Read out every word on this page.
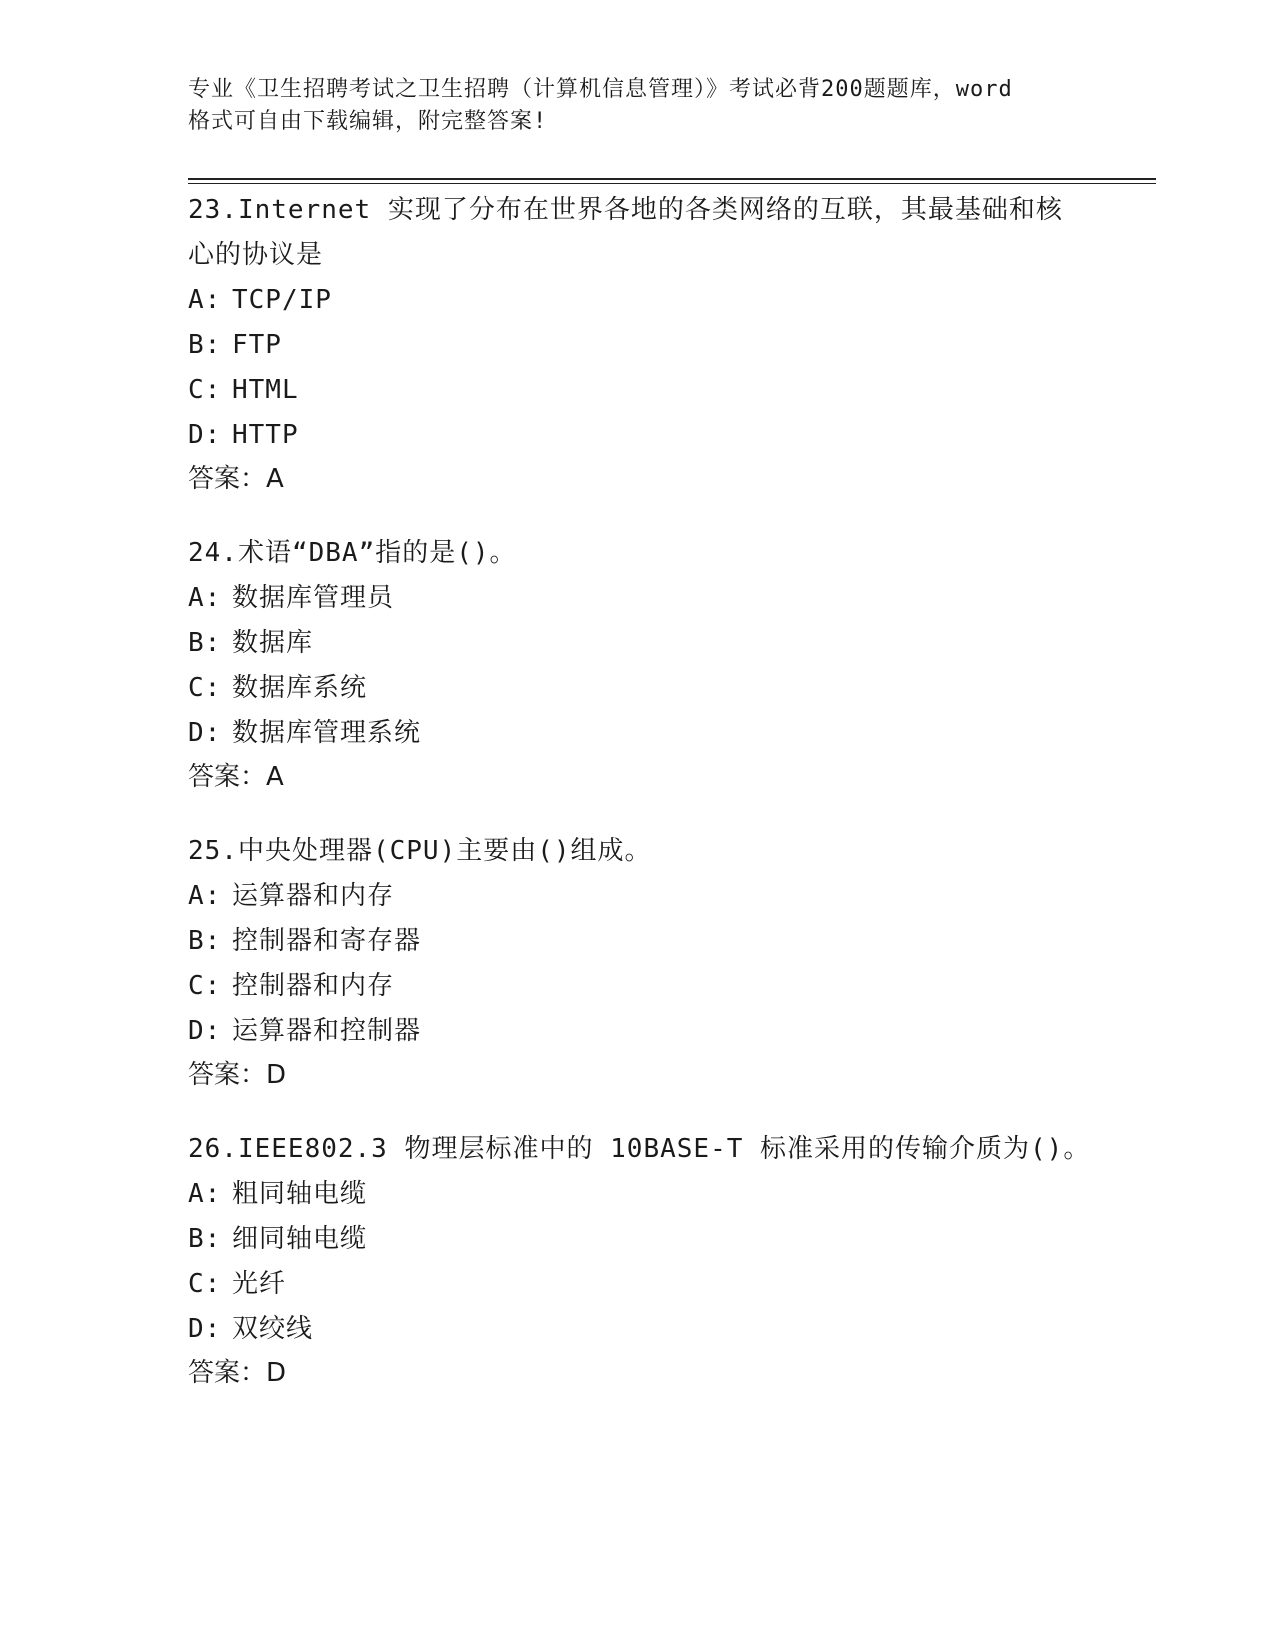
专业《卫生招聘考试之卫生招聘（计算机信息管理）》考试必背200题题库，word
格式可自由下载编辑，附完整答案!

23.Internet 实现了分布在世界各地的各类网络的互联，其最基础和核

心的协议是

A: TCP/IP

B: FTP

C: HTML

D: HTTP

答案：A

24.术语“DBA”指的是()。

A: 数据库管理员

B: 数据库

C: 数据库系统

D: 数据库管理系统

答案：A

25.中央处理器(CPU)主要由()组成。

A: 运算器和内存

B: 控制器和寄存器

C: 控制器和内存

D: 运算器和控制器

答案：D

26.IEEE802.3 物理层标准中的 10BASE-T 标准采用的传输介质为()。

A: 粗同轴电缆

B: 细同轴电缆

C: 光纤

D: 双绞线

答案：D
